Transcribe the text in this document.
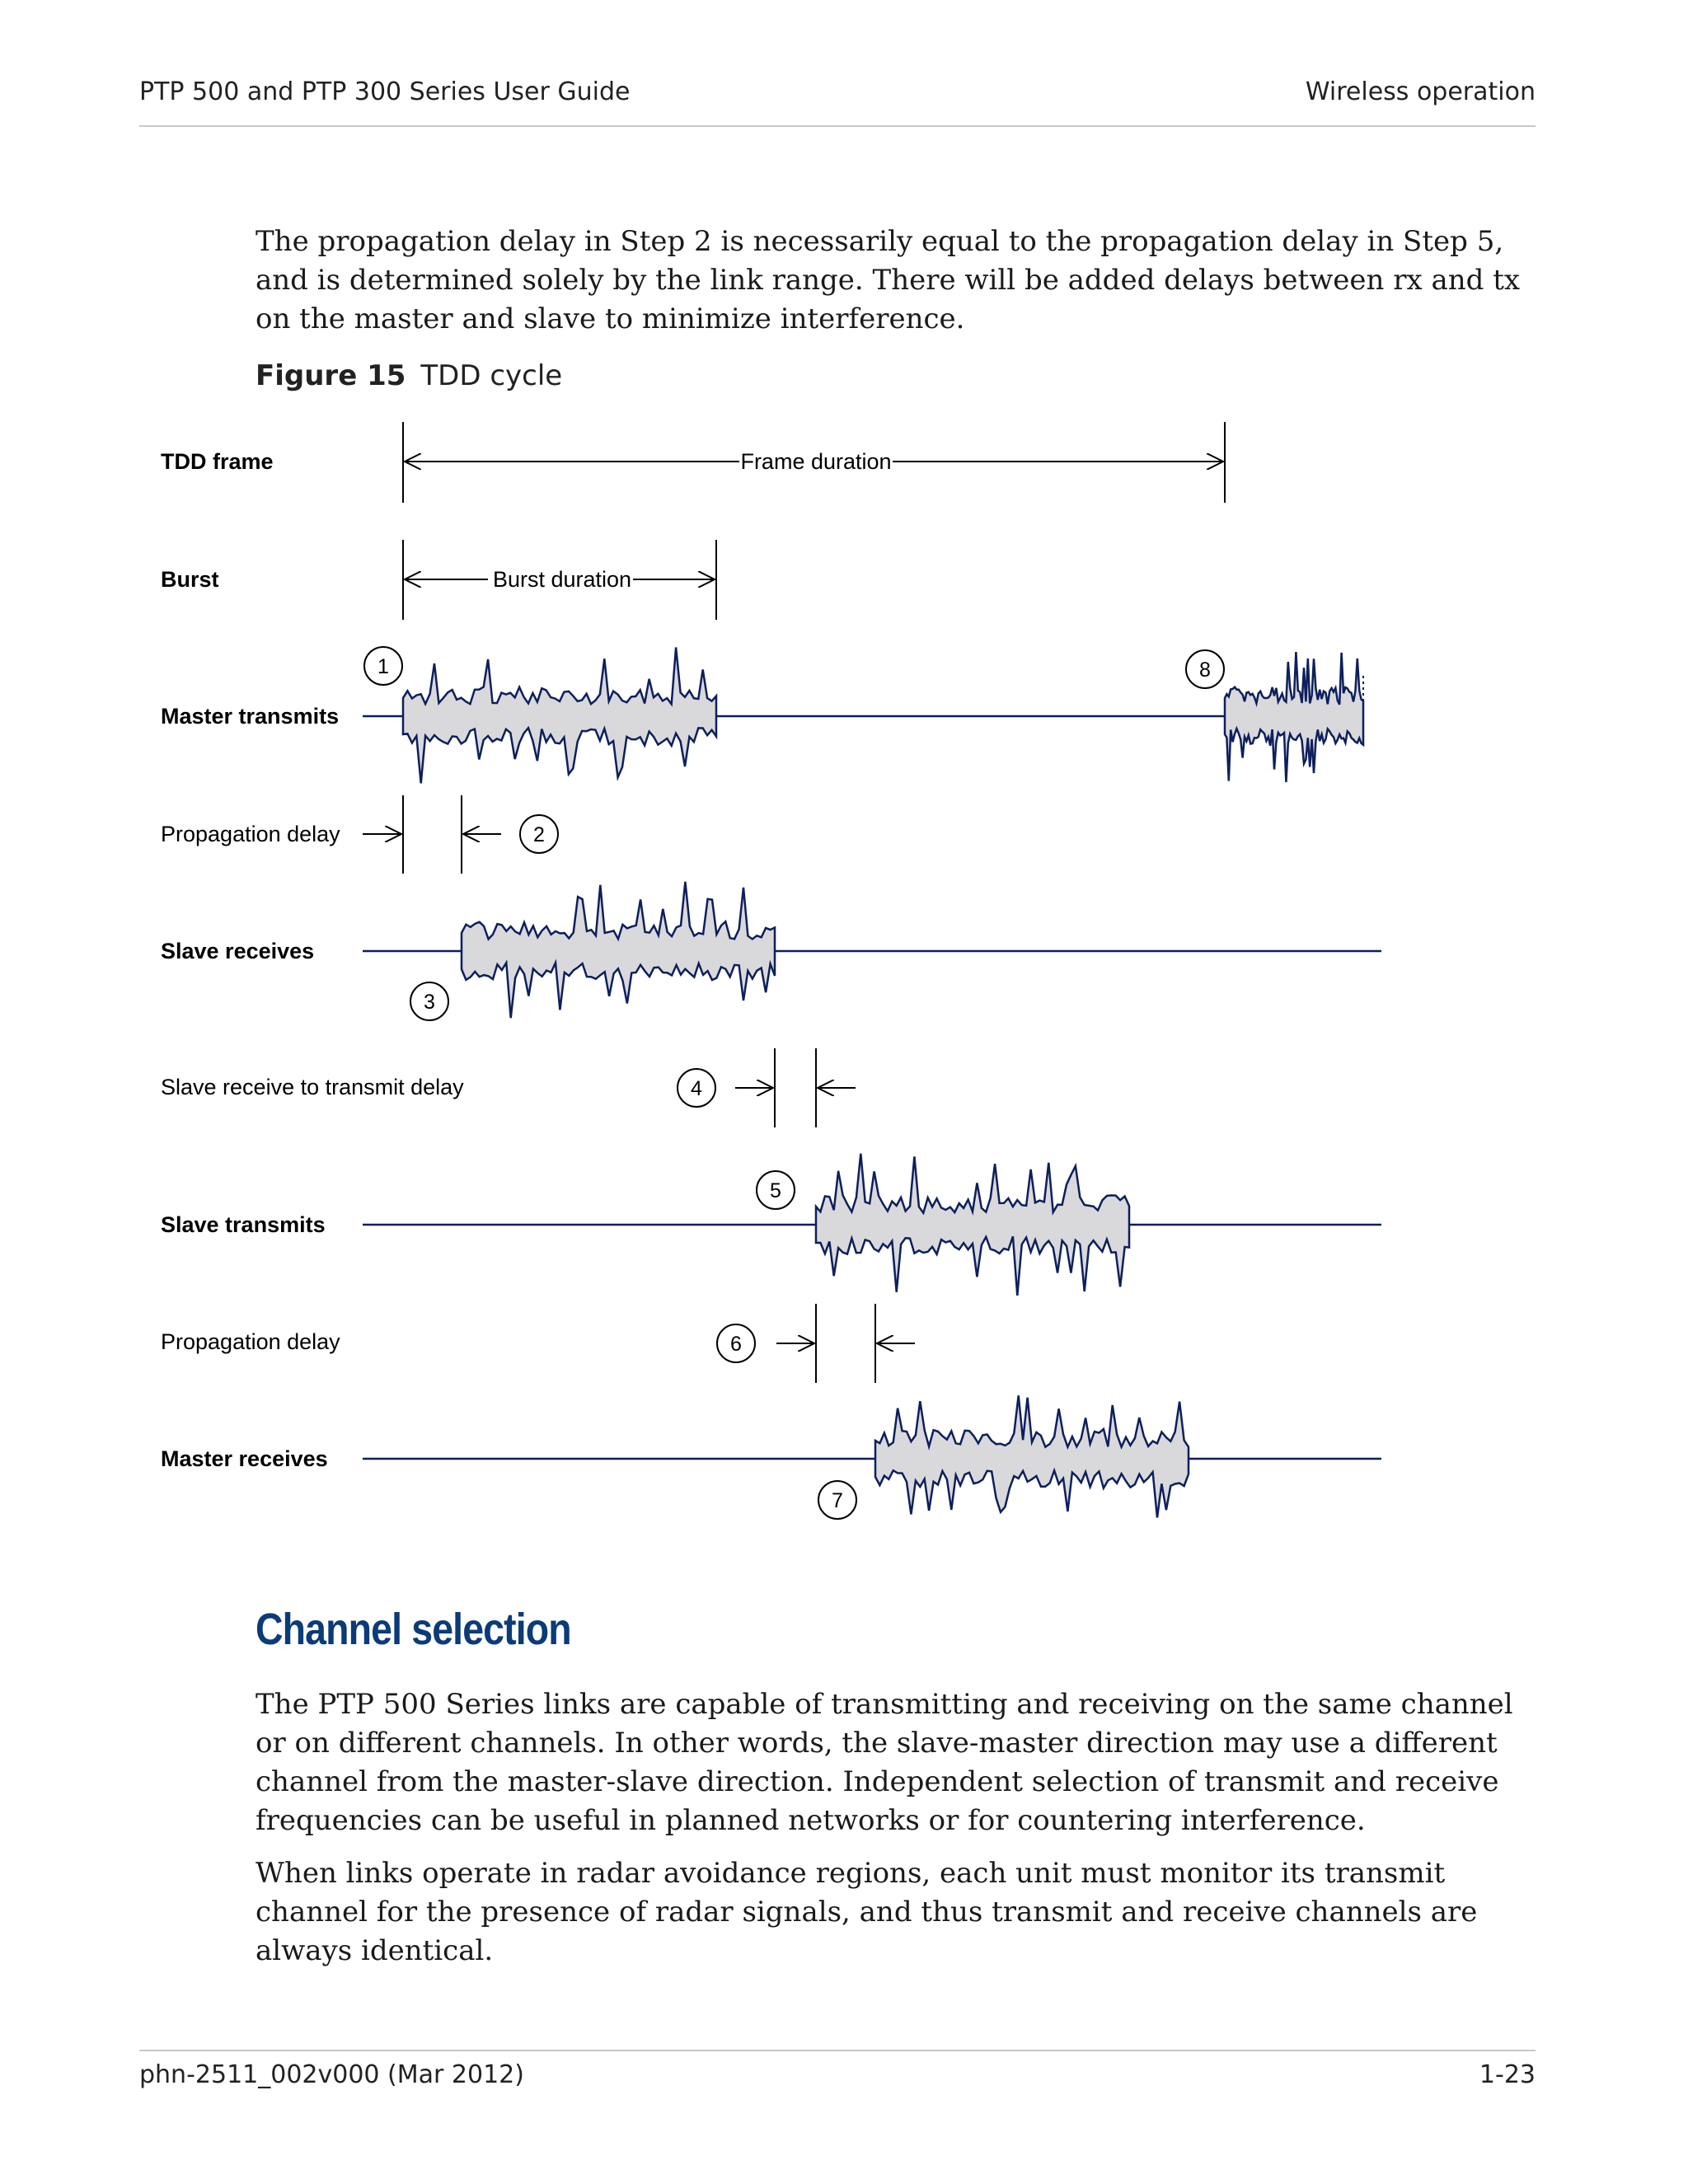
PTP 500 and PTP 300 Series User Guide	Wireless operation

The propagation delay in Step 2 is necessarily equal to the propagation delay in Step 5, and is determined solely by the link range. There will be added delays between rx and tx on the master and slave to minimize interference.

Figure 15 TDD cycle
TDD frame
Burst
Master transmits
Propagation delay
Slave receives
Slave receive to transmit delay
Slave transmits
Propagation delay
Master receives
Frame duration
Burst duration
1
2
3
4
5
6
7
8
Channel selection

The PTP 500 Series links are capable of transmitting and receiving on the same channel or on different channels. In other words, the slave-master direction may use a different channel from the master-slave direction. Independent selection of transmit and receive frequencies can be useful in planned networks or for countering interference.

When links operate in radar avoidance regions, each unit must monitor its transmit channel for the presence of radar signals, and thus transmit and receive channels are always identical.

phn-2511_002v000 (Mar 2012)	1-23
